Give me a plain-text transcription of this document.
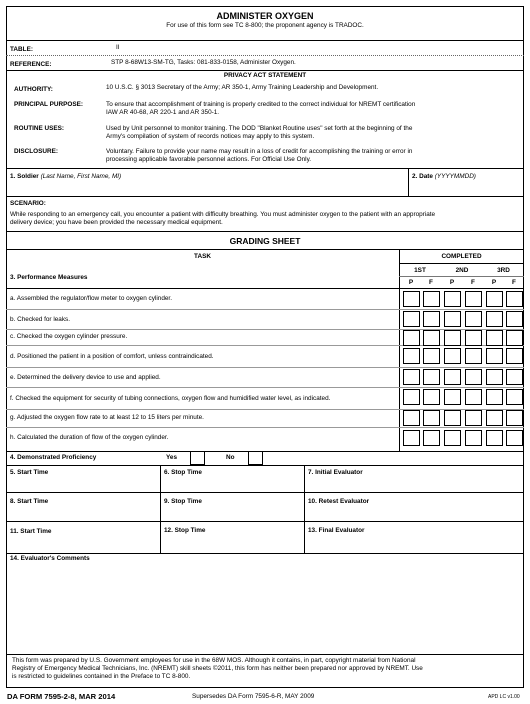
ADMINISTER OXYGEN
For use of this form see TC 8-800; the proponent agency is TRADOC.
TABLE:	II
REFERENCE:	STP 8-68W13-SM-TG, Tasks: 081-833-0158, Administer Oxygen.
PRIVACY ACT STATEMENT
AUTHORITY:	10 U.S.C. § 3013 Secretary of the Army; AR 350-1, Army Training Leadership and Development.
PRINCIPAL PURPOSE:	To ensure that accomplishment of training is properly credited to the correct individual for NREMT certification
IAW AR 40-68, AR 220-1 and AR 350-1.
ROUTINE USES:	Used by Unit personnel to monitor training. The DOD "Blanket Routine uses" set forth at the beginning of the
Army's compilation of system of records notices may apply to this system.
DISCLOSURE:	Voluntary. Failure to provide your name may result in a loss of credit for accomplishing the training or error in
processing applicable favorable personnel actions. For Official Use Only.
1. Soldier (Last Name, First Name, MI)	2. Date (YYYYMMDD)
SCENARIO:
While responding to an emergency call, you encounter a patient with difficulty breathing. You must administer oxygen to the patient with an appropriate
delivery device; you have been provided the necessary medical equipment.
GRADING SHEET
TASK	COMPLETED
3. Performance Measures
1ST	2ND	3RD
P	F	P	F	P	F
a. Assembled the regulator/flow meter to oxygen cylinder.
b. Checked for leaks.
c. Checked the oxygen cylinder pressure.
d. Positioned the patient in a position of comfort, unless contraindicated.
e. Determined the delivery device to use and applied.
f. Checked the equipment for security of tubing connections, oxygen flow and humidified water level, as indicated.
g. Adjusted the oxygen flow rate to at least 12 to 15 liters per minute.
h. Calculated the duration of flow of the oxygen cylinder.
4. Demonstrated Proficiency	Yes	No
5. Start Time	6. Stop Time	7. Initial Evaluator
8. Start Time	9. Stop Time	10. Retest Evaluator
11. Start Time	12. Stop Time	13. Final Evaluator
14. Evaluator's Comments
This form was prepared by U.S. Government employees for use in the 68W MOS. Although it contains, in part, copyright material from National
Registry of Emergency Medical Technicians, Inc. (NREMT) skill sheets ©2011, this form has neither been prepared nor approved by NREMT. Use
is restricted to guidelines contained in the Preface to TC 8-800.
DA FORM 7595-2-8, MAR 2014	Supersedes DA Form 7595-6-R, MAY 2009	APD LC v1.00
